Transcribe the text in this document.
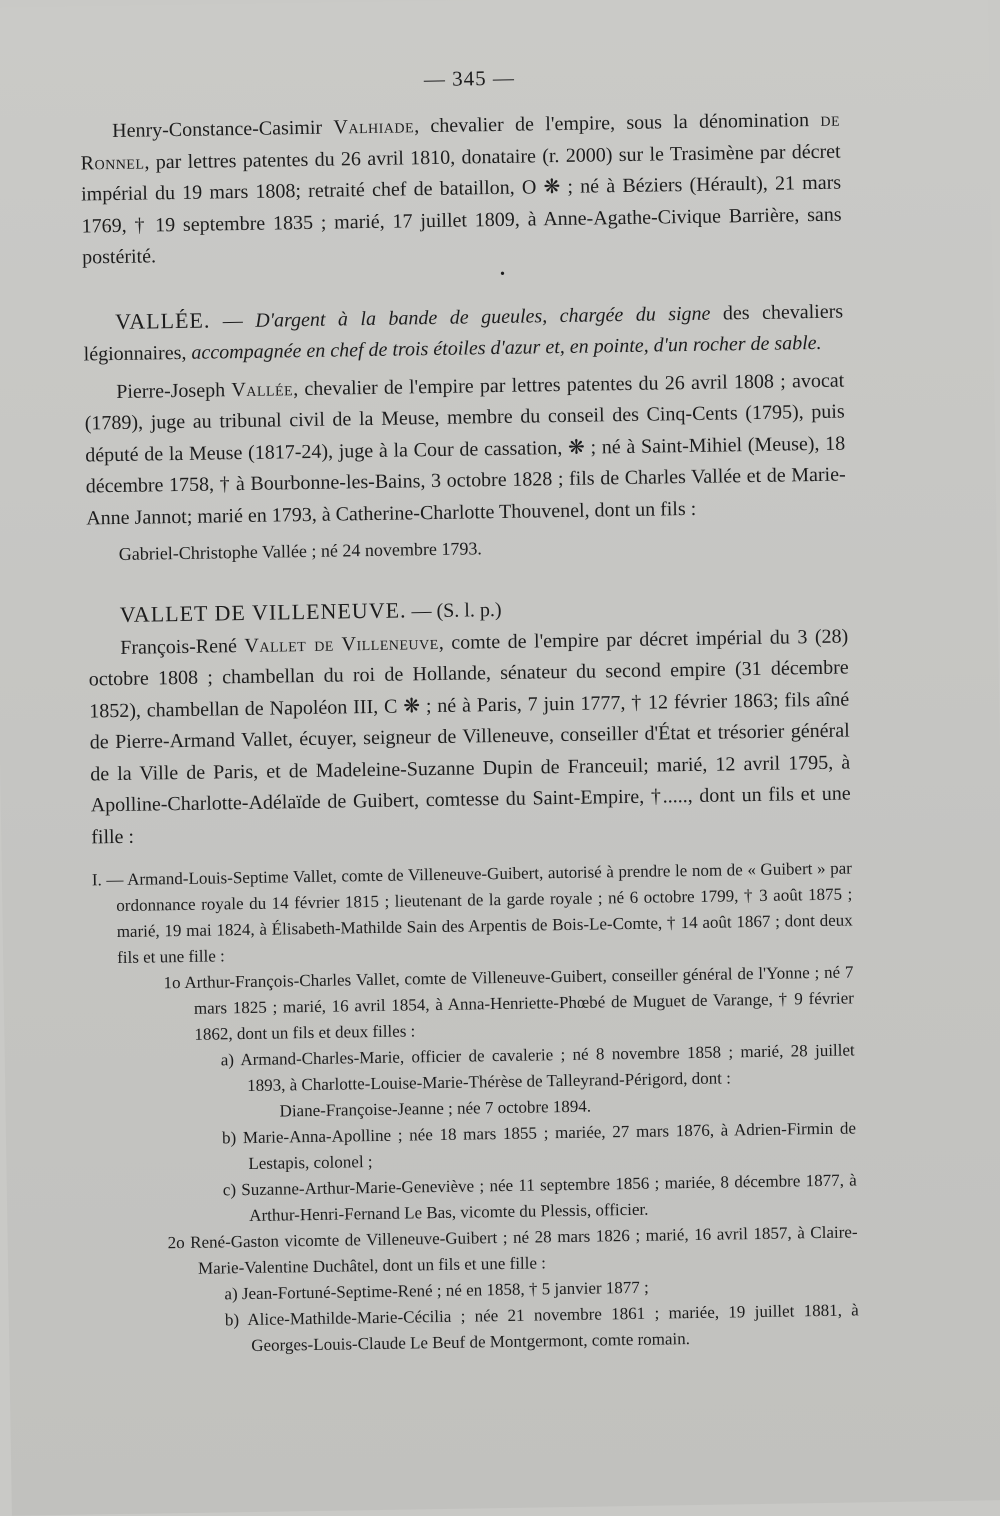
— 345 —

Henry-Constance-Casimir Valhiade, chevalier de l'empire, sous la dénomination de Ronnel, par lettres patentes du 26 avril 1810, donataire (r. 2000) sur le Trasimène par décret impérial du 19 mars 1808; retraité chef de bataillon, O ❋ ; né à Béziers (Hérault), 21 mars 1769, † 19 septembre 1835 ; marié, 17 juillet 1809, à Anne-Agathe-Civique Barrière, sans postérité.

•

VALLÉE. — D'argent à la bande de gueules, chargée du signe des chevaliers légionnaires, accompagnée en chef de trois étoiles d'azur et, en pointe, d'un rocher de sable.

Pierre-Joseph Vallée, chevalier de l'empire par lettres patentes du 26 avril 1808 ; avocat (1789), juge au tribunal civil de la Meuse, membre du conseil des Cinq-Cents (1795), puis député de la Meuse (1817-24), juge à la Cour de cassation, ❋ ; né à Saint-Mihiel (Meuse), 18 décembre 1758, † à Bourbonne-les-Bains, 3 octobre 1828 ; fils de Charles Vallée et de Marie-Anne Jannot; marié en 1793, à Catherine-Charlotte Thouvenel, dont un fils :

Gabriel-Christophe Vallée ; né 24 novembre 1793.

VALLET DE VILLENEUVE. — (S. l. p.)

François-René Vallet de Villeneuve, comte de l'empire par décret impérial du 3 (28) octobre 1808 ; chambellan du roi de Hollande, sénateur du second empire (31 décembre 1852), chambellan de Napoléon III, C ❋ ; né à Paris, 7 juin 1777, † 12 février 1863; fils aîné de Pierre-Armand Vallet, écuyer, seigneur de Villeneuve, conseiller d'État et trésorier général de la Ville de Paris, et de Madeleine-Suzanne Dupin de Franceuil; marié, 12 avril 1795, à Apolline-Charlotte-Adélaïde de Guibert, comtesse du Saint-Empire, †....., dont un fils et une fille :

I. — Armand-Louis-Septime Vallet, comte de Villeneuve-Guibert, autorisé à prendre le nom de « Guibert » par ordonnance royale du 14 février 1815 ; lieutenant de la garde royale ; né 6 octobre 1799, † 3 août 1875 ; marié, 19 mai 1824, à Élisabeth-Mathilde Sain des Arpentis de Bois-Le-Comte, † 14 août 1867 ; dont deux fils et une fille :

1o Arthur-François-Charles Vallet, comte de Villeneuve-Guibert, conseiller général de l'Yonne ; né 7 mars 1825 ; marié, 16 avril 1854, à Anna-Henriette-Phœbé de Muguet de Varange, † 9 février 1862, dont un fils et deux filles :

a) Armand-Charles-Marie, officier de cavalerie ; né 8 novembre 1858 ; marié, 28 juillet 1893, à Charlotte-Louise-Marie-Thérèse de Talleyrand-Périgord, dont :

Diane-Françoise-Jeanne ; née 7 octobre 1894.

b) Marie-Anna-Apolline ; née 18 mars 1855 ; mariée, 27 mars 1876, à Adrien-Firmin de Lestapis, colonel ;

c) Suzanne-Arthur-Marie-Geneviève ; née 11 septembre 1856 ; mariée, 8 décembre 1877, à Arthur-Henri-Fernand Le Bas, vicomte du Plessis, officier.

2o René-Gaston vicomte de Villeneuve-Guibert ; né 28 mars 1826 ; marié, 16 avril 1857, à Claire-Marie-Valentine Duchâtel, dont un fils et une fille :

a) Jean-Fortuné-Septime-René ; né en 1858, † 5 janvier 1877 ;

b) Alice-Mathilde-Marie-Cécilia ; née 21 novembre 1861 ; mariée, 19 juillet 1881, à Georges-Louis-Claude Le Beuf de Montgermont, comte romain.
